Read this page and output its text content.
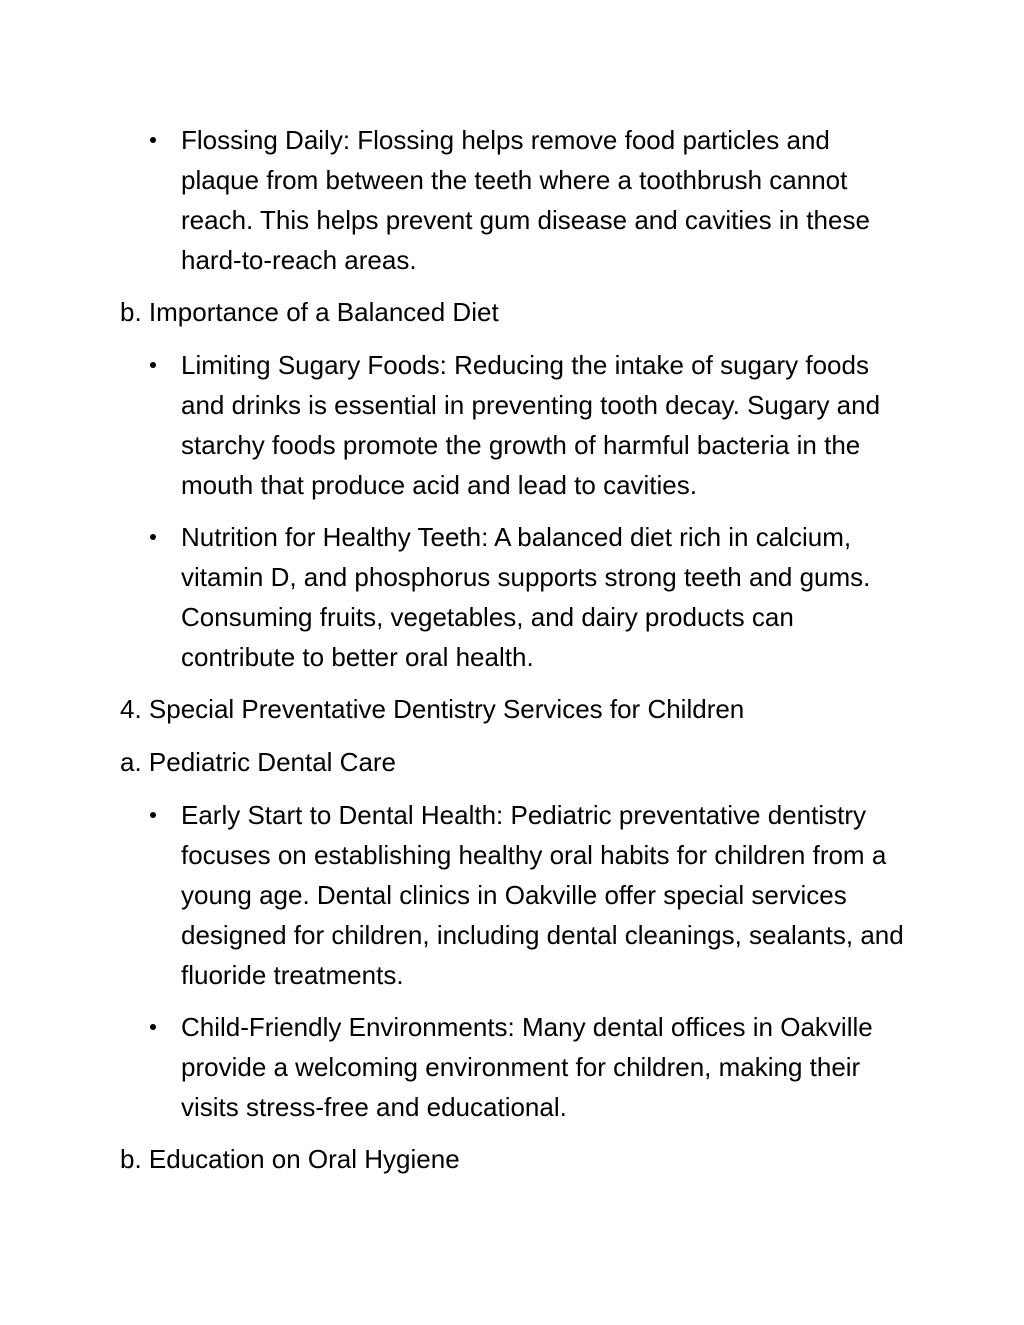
Flossing Daily: Flossing helps remove food particles and plaque from between the teeth where a toothbrush cannot reach. This helps prevent gum disease and cavities in these hard-to-reach areas.

b. Importance of a Balanced Diet

Limiting Sugary Foods: Reducing the intake of sugary foods and drinks is essential in preventing tooth decay. Sugary and starchy foods promote the growth of harmful bacteria in the mouth that produce acid and lead to cavities.

Nutrition for Healthy Teeth: A balanced diet rich in calcium, vitamin D, and phosphorus supports strong teeth and gums. Consuming fruits, vegetables, and dairy products can contribute to better oral health.

4. Special Preventative Dentistry Services for Children
a. Pediatric Dental Care

Early Start to Dental Health: Pediatric preventative dentistry focuses on establishing healthy oral habits for children from a young age. Dental clinics in Oakville offer special services designed for children, including dental cleanings, sealants, and fluoride treatments.

Child-Friendly Environments: Many dental offices in Oakville provide a welcoming environment for children, making their visits stress-free and educational.

b. Education on Oral Hygiene
